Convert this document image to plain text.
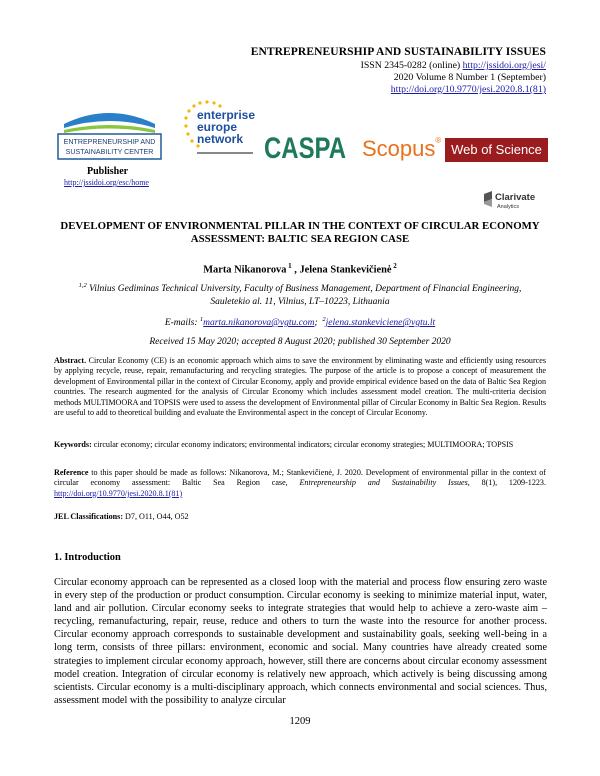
ENTREPRENEURSHIP AND SUSTAINABILITY ISSUES
ISSN 2345-0282 (online) http://jssidoi.org/jesi/
2020 Volume 8 Number 1 (September)
http://doi.org/10.9770/jesi.2020.8.1(81)
ENTREPRENEURSHIP AND
SUSTAINABILITY CENTER
Publisher
http://jssidoi.org/esc/home
enterprise
europe
network CASPA Scopus®
Web of Science
Clarivate
Analytics
DEVELOPMENT OF ENVIRONMENTAL PILLAR IN THE CONTEXT OF CIRCULAR ECONOMY ASSESSMENT: BALTIC SEA REGION CASE
Marta Nikanorova $^1$ , Jelena Stankevičienė $^2$
$^{1,2}$ Vilnius Gediminas Technical University, Faculty of Business Management, Department of Financial Engineering, Sauletekio al. 11, Vilnius, LT–10223, Lithuania
E-mails: $^1$marta.nikanorova@vgtu.com;  $^2$jelena.stankeviciene@vgtu.lt
Received 15 May 2020; accepted 8 August 2020; published 30 September 2020
Abstract. Circular Economy (CE) is an economic approach which aims to save the environment by eliminating waste and efficiently using resources by applying recycle, reuse, repair, remanufacturing and recycling strategies. The purpose of the article is to propose a concept of measurement the development of Environmental pillar in the context of Circular Economy, apply and provide empirical evidence based on the data of Baltic Sea Region countries. The research augmented for the analysis of Circular Economy which includes assessment model creation. The multi-criteria decision methods MULTIMOORA and TOPSIS were used to assess the development of Environmental pillar of Circular Economy in Baltic Sea Region. Results are useful to add to theoretical building and evaluate the Environmental aspect in the concept of Circular Economy.
Keywords: circular economy; circular economy indicators; environmental indicators; circular economy strategies; MULTIMOORA; TOPSIS
Reference to this paper should be made as follows: Nikanorova, M.; Stankevičienė, J. 2020. Development of environmental pillar in the context of circular economy assessment: Baltic Sea Region case, Entrepreneurship and Sustainability Issues, 8(1), 1209-1223. http://doi.org/10.9770/jesi.2020.8.1(81)
JEL Classifications: D7, O11, O44, O52
1. Introduction
Circular economy approach can be represented as a closed loop with the material and process flow ensuring zero waste in every step of the production or product consumption. Circular economy is seeking to minimize material input, water, land and air pollution. Circular economy seeks to integrate strategies that would help to achieve a zero-waste aim – recycling, remanufacturing, repair, reuse, reduce and others to turn the waste into the resource for another process. Circular economy approach corresponds to sustainable development and sustainability goals, seeking well-being in a long term, consists of three pillars: environment, economic and social. Many countries have already created some strategies to implement circular economy approach, however, still there are concerns about circular economy assessment model creation. Integration of circular economy is relatively new approach, which actively is being discussing among scientists. Circular economy is a multi-disciplinary approach, which connects environmental and social sciences. Thus, assessment model with the possibility to analyze circular
1209
